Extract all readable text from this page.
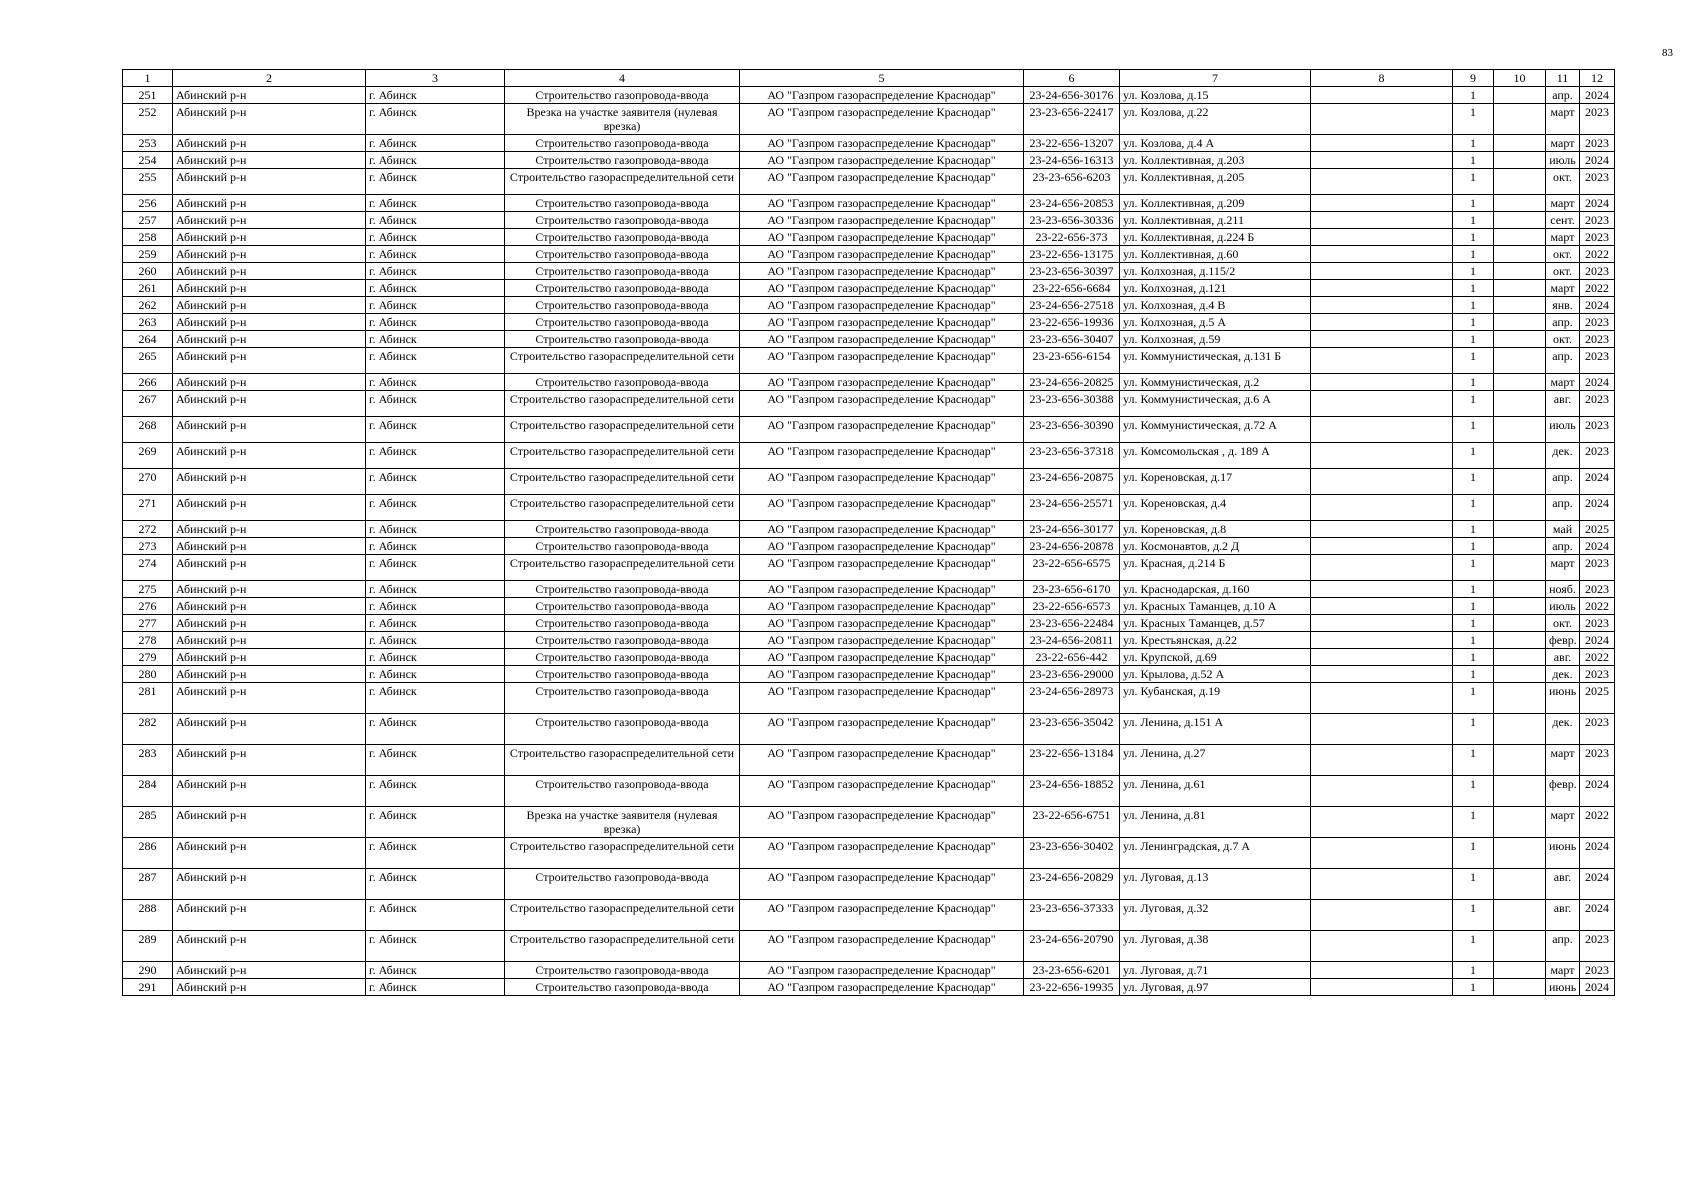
83
1	2	3	4	5	6	7	8	9	10	11	12
251	Абинский р-н	г. Абинск	Строительство газопровода-ввода	АО "Газпром газораспределение Краснодар"	23-24-656-30176	ул. Козлова, д.15		1		апр.	2024
252	Абинский р-н	г. Абинск	Врезка на участке заявителя (нулевая врезка)	АО "Газпром газораспределение Краснодар"	23-23-656-22417	ул. Козлова, д.22		1		март	2023
253	Абинский р-н	г. Абинск	Строительство газопровода-ввода	АО "Газпром газораспределение Краснодар"	23-22-656-13207	ул. Козлова, д.4 А		1		март	2023
254	Абинский р-н	г. Абинск	Строительство газопровода-ввода	АО "Газпром газораспределение Краснодар"	23-24-656-16313	ул. Коллективная, д.203		1		июль	2024
255	Абинский р-н	г. Абинск	Строительство газораспределительной сети	АО "Газпром газораспределение Краснодар"	23-23-656-6203	ул. Коллективная, д.205		1		окт.	2023
256	Абинский р-н	г. Абинск	Строительство газопровода-ввода	АО "Газпром газораспределение Краснодар"	23-24-656-20853	ул. Коллективная, д.209		1		март	2024
257	Абинский р-н	г. Абинск	Строительство газопровода-ввода	АО "Газпром газораспределение Краснодар"	23-23-656-30336	ул. Коллективная, д.211		1		сент.	2023
258	Абинский р-н	г. Абинск	Строительство газопровода-ввода	АО "Газпром газораспределение Краснодар"	23-22-656-373	ул. Коллективная, д.224 Б		1		март	2023
259	Абинский р-н	г. Абинск	Строительство газопровода-ввода	АО "Газпром газораспределение Краснодар"	23-22-656-13175	ул. Коллективная, д.60		1		окт.	2022
260	Абинский р-н	г. Абинск	Строительство газопровода-ввода	АО "Газпром газораспределение Краснодар"	23-23-656-30397	ул. Колхозная, д.115/2		1		окт.	2023
261	Абинский р-н	г. Абинск	Строительство газопровода-ввода	АО "Газпром газораспределение Краснодар"	23-22-656-6684	ул. Колхозная, д.121		1		март	2022
262	Абинский р-н	г. Абинск	Строительство газопровода-ввода	АО "Газпром газораспределение Краснодар"	23-24-656-27518	ул. Колхозная, д.4 В		1		янв.	2024
263	Абинский р-н	г. Абинск	Строительство газопровода-ввода	АО "Газпром газораспределение Краснодар"	23-22-656-19936	ул. Колхозная, д.5 А		1		апр.	2023
264	Абинский р-н	г. Абинск	Строительство газопровода-ввода	АО "Газпром газораспределение Краснодар"	23-23-656-30407	ул. Колхозная, д.59		1		окт.	2023
265	Абинский р-н	г. Абинск	Строительство газораспределительной сети	АО "Газпром газораспределение Краснодар"	23-23-656-6154	ул. Коммунистическая, д.131 Б		1		апр.	2023
266	Абинский р-н	г. Абинск	Строительство газопровода-ввода	АО "Газпром газораспределение Краснодар"	23-24-656-20825	ул. Коммунистическая, д.2		1		март	2024
267	Абинский р-н	г. Абинск	Строительство газораспределительной сети	АО "Газпром газораспределение Краснодар"	23-23-656-30388	ул. Коммунистическая, д.6 А		1		авг.	2023
268	Абинский р-н	г. Абинск	Строительство газораспределительной сети	АО "Газпром газораспределение Краснодар"	23-23-656-30390	ул. Коммунистическая, д.72 А		1		июль	2023
269	Абинский р-н	г. Абинск	Строительство газораспределительной сети	АО "Газпром газораспределение Краснодар"	23-23-656-37318	ул. Комсомольская , д. 189 А		1		дек.	2023
270	Абинский р-н	г. Абинск	Строительство газораспределительной сети	АО "Газпром газораспределение Краснодар"	23-24-656-20875	ул. Кореновская, д.17		1		апр.	2024
271	Абинский р-н	г. Абинск	Строительство газораспределительной сети	АО "Газпром газораспределение Краснодар"	23-24-656-25571	ул. Кореновская, д.4		1		апр.	2024
272	Абинский р-н	г. Абинск	Строительство газопровода-ввода	АО "Газпром газораспределение Краснодар"	23-24-656-30177	ул. Кореновская, д.8		1		май	2025
273	Абинский р-н	г. Абинск	Строительство газопровода-ввода	АО "Газпром газораспределение Краснодар"	23-24-656-20878	ул. Космонавтов, д.2 Д		1		апр.	2024
274	Абинский р-н	г. Абинск	Строительство газораспределительной сети	АО "Газпром газораспределение Краснодар"	23-22-656-6575	ул. Красная, д.214 Б		1		март	2023
275	Абинский р-н	г. Абинск	Строительство газопровода-ввода	АО "Газпром газораспределение Краснодар"	23-23-656-6170	ул. Краснодарская, д.160		1		нояб.	2023
276	Абинский р-н	г. Абинск	Строительство газопровода-ввода	АО "Газпром газораспределение Краснодар"	23-22-656-6573	ул. Красных Таманцев, д.10 А		1		июль	2022
277	Абинский р-н	г. Абинск	Строительство газопровода-ввода	АО "Газпром газораспределение Краснодар"	23-23-656-22484	ул. Красных Таманцев, д.57		1		окт.	2023
278	Абинский р-н	г. Абинск	Строительство газопровода-ввода	АО "Газпром газораспределение Краснодар"	23-24-656-20811	ул. Крестьянская, д.22		1		февр.	2024
279	Абинский р-н	г. Абинск	Строительство газопровода-ввода	АО "Газпром газораспределение Краснодар"	23-22-656-442	ул. Крупской, д.69		1		авг.	2022
280	Абинский р-н	г. Абинск	Строительство газопровода-ввода	АО "Газпром газораспределение Краснодар"	23-23-656-29000	ул. Крылова, д.52 А		1		дек.	2023
281	Абинский р-н	г. Абинск	Строительство газопровода-ввода	АО "Газпром газораспределение Краснодар"	23-24-656-28973	ул. Кубанская, д.19		1		июнь	2025
282	Абинский р-н	г. Абинск	Строительство газопровода-ввода	АО "Газпром газораспределение Краснодар"	23-23-656-35042	ул. Ленина, д.151 А		1		дек.	2023
283	Абинский р-н	г. Абинск	Строительство газораспределительной сети	АО "Газпром газораспределение Краснодар"	23-22-656-13184	ул. Ленина, д.27		1		март	2023
284	Абинский р-н	г. Абинск	Строительство газопровода-ввода	АО "Газпром газораспределение Краснодар"	23-24-656-18852	ул. Ленина, д.61		1		февр.	2024
285	Абинский р-н	г. Абинск	Врезка на участке заявителя (нулевая врезка)	АО "Газпром газораспределение Краснодар"	23-22-656-6751	ул. Ленина, д.81		1		март	2022
286	Абинский р-н	г. Абинск	Строительство газораспределительной сети	АО "Газпром газораспределение Краснодар"	23-23-656-30402	ул. Ленинградская, д.7 А		1		июнь	2024
287	Абинский р-н	г. Абинск	Строительство газопровода-ввода	АО "Газпром газораспределение Краснодар"	23-24-656-20829	ул. Луговая, д.13		1		авг.	2024
288	Абинский р-н	г. Абинск	Строительство газораспределительной сети	АО "Газпром газораспределение Краснодар"	23-23-656-37333	ул. Луговая, д.32		1		авг.	2024
289	Абинский р-н	г. Абинск	Строительство газораспределительной сети	АО "Газпром газораспределение Краснодар"	23-24-656-20790	ул. Луговая, д.38		1		апр.	2023
290	Абинский р-н	г. Абинск	Строительство газопровода-ввода	АО "Газпром газораспределение Краснодар"	23-23-656-6201	ул. Луговая, д.71		1		март	2023
291	Абинский р-н	г. Абинск	Строительство газопровода-ввода	АО "Газпром газораспределение Краснодар"	23-22-656-19935	ул. Луговая, д.97		1		июнь	2024
